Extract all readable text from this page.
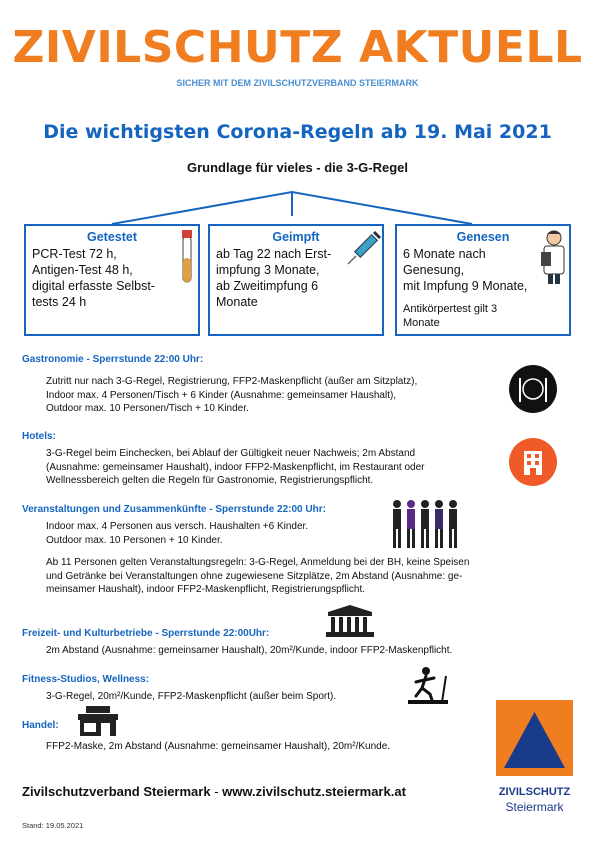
ZIVILSCHUTZ AKTUELL
SICHER MIT DEM ZIVILSCHUTZVERBAND STEIERMARK
Die wichtigsten Corona-Regeln ab 19. Mai 2021
Grundlage für vieles - die 3-G-Regel
Getestet
PCR-Test 72 h,
Antigen-Test 48 h,
digital erfasste Selbst-
tests 24 h
Geimpft
ab Tag 22 nach Erst-
impfung 3 Monate,
ab Zweitimpfung 6
Monate
Genesen
6 Monate nach
Genesung,
mit Impfung 9 Monate,
Antikörpertest gilt 3
Monate
Gastronomie - Sperrstunde 22:00 Uhr:
Zutritt nur nach 3-G-Regel, Registrierung, FFP2-Maskenpflicht (außer am Sitzplatz),
Indoor max. 4 Personen/Tisch + 6 Kinder (Ausnahme: gemeinsamer Haushalt),
Outdoor max. 10 Personen/Tisch + 10 Kinder.
Hotels:
3-G-Regel beim Einchecken, bei Ablauf der Gültigkeit neuer Nachweis; 2m Abstand
(Ausnahme: gemeinsamer Haushalt), indoor FFP2-Maskenpflicht, im Restaurant oder
Wellnessbereich gelten die Regeln für Gastronomie, Registrierungspflicht.
Veranstaltungen und Zusammenkünfte - Sperrstunde 22:00 Uhr:
Indoor max. 4 Personen aus versch. Haushalten +6 Kinder.
Outdoor max. 10 Personen + 10 Kinder.
Ab 11 Personen gelten Veranstaltungsregeln: 3-G-Regel, Anmeldung bei der BH, keine Speisen
und Getränke bei Veranstaltungen ohne zugewiesene Sitzplätze, 2m Abstand (Ausnahme: ge-
meinsamer Haushalt), indoor FFP2-Maskenpflicht, Registrierungspflicht.
Freizeit- und Kulturbetriebe - Sperrstunde 22:00Uhr:
2m Abstand (Ausnahme: gemeinsamer Haushalt), 20m²/Kunde, indoor FFP2-Maskenpflicht.
Fitness-Studios, Wellness:
3-G-Regel, 20m²/Kunde, FFP2-Maskenpflicht (außer beim Sport).
Handel:
FFP2-Maske, 2m Abstand (Ausnahme: gemeinsamer Haushalt), 20m²/Kunde.
ZIVILSCHUTZ
Steiermark
Zivilschutzverband Steiermark - www.zivilschutz.steiermark.at
Stand: 19.05.2021
